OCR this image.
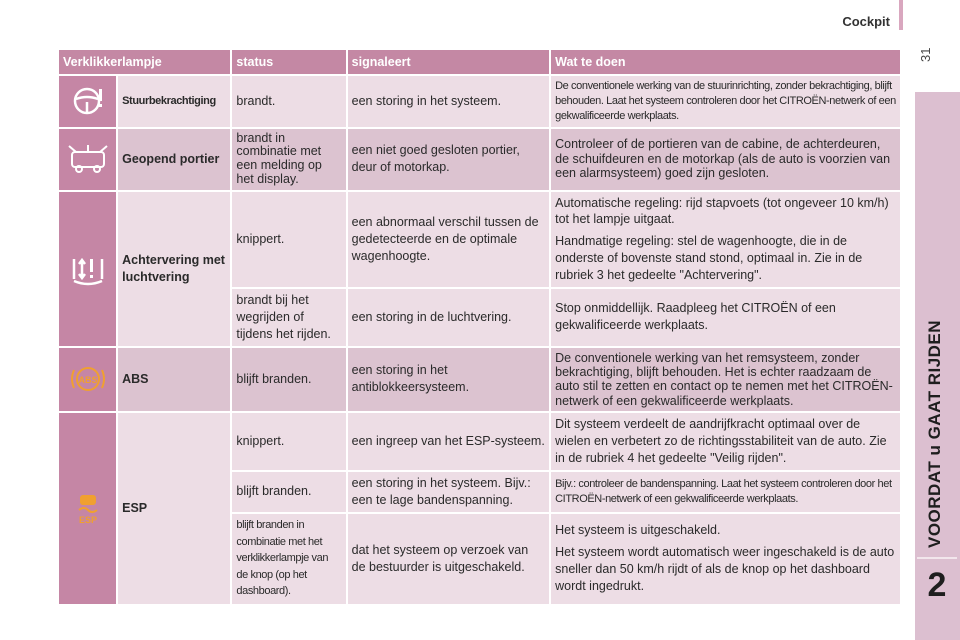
Cockpit
31
VOORDAT u GAAT RIJDEN
2
Verklikkerlampje		status	signaleert	Wat te doen

	Stuurbekrachtiging	brandt.	een storing in het systeem.	De conventionele werking van de stuurinrichting, zonder bekrachtiging, blijft behouden. Laat het systeem controleren door het CITROËN-netwerk of een gekwalificeerde werkplaats.

	Geopend portier	brandt in combinatie met een melding op het display.	een niet goed gesloten portier, deur of motorkap.	Controleer of de portieren van de cabine, de achterdeuren, de schuifdeuren en de motorkap (als de auto is voorzien van een alarmsysteem) goed zijn gesloten.

	Achtervering met luchtvering	knippert.	een abnormaal verschil tussen de gedetecteerde en de optimale wagenhoogte.	Automatische regeling: rijd stapvoets (tot ongeveer 10 km/h) tot het lampje uitgaat.
Handmatige regeling: stel de wagenhoogte, die in de onderste of bovenste stand stond, optimaal in. Zie in de rubriek 3 het gedeelte "Achtervering".

		brandt bij het wegrijden of tijdens het rijden.	een storing in de luchtvering.	Stop onmiddellijk. Raadpleeg het CITROËN of een gekwalificeerde werkplaats.

ABS	ABS	blijft branden.	een storing in het antiblokkeersysteem.	De conventionele werking van het remsysteem, zonder bekrachtiging, blijft behouden. Het is echter raadzaam de auto stil te zetten en contact op te nemen met het CITROËN-netwerk of een gekwalificeerde werkplaats.

ESP	ESP	knippert.	een ingreep van het ESP-systeem.	Dit systeem verdeelt de aandrijfkracht optimaal over de wielen en verbetert zo de richtingsstabiliteit van de auto. Zie in de rubriek 4 het gedeelte "Veilig rijden".
		blijft branden.	een storing in het systeem. Bijv.: een te lage bandenspanning.	Bijv.: controleer de bandenspanning. Laat het systeem controleren door het CITROËN-netwerk of een gekwalificeerde werkplaats.
		blijft branden in combinatie met het verklikkerlampje van de knop (op het dashboard).	dat het systeem op verzoek van de bestuurder is uitgeschakeld.	Het systeem is uitgeschakeld.
Het systeem wordt automatisch weer ingeschakeld is de auto sneller dan 50 km/h rijdt of als de knop op het dashboard wordt ingedrukt.
